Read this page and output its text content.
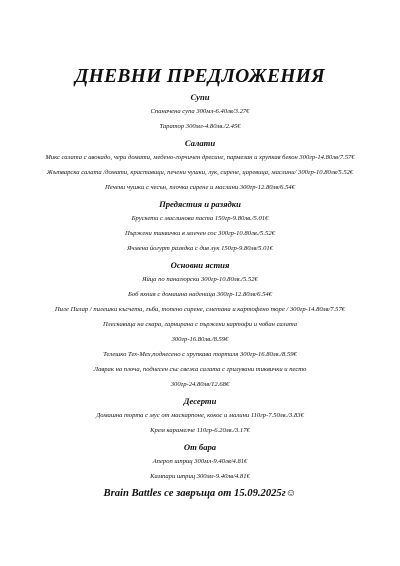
ДНЕВНИ ПРЕДЛОЖЕНИЯ
Супи
Спаначена супа 300мл-6.40лв/3.27€
Таратор 300мл-4.80лв./2.45€
Салати
Микс салата с авокадо, чери домати, медено-горчичен дресинг, пармезан и хрупкав бекон 300гр-14.80лв/7.57€
Жътварска салата /домати, краставици, печени чушки, лук, сирене, царевица, маслини/ 300гр-10.80лв/5.52€
Печени чушки с чесън, плочка сирене и маслини 300гр-12.80лв/6.54€
Предястия и разядки
Брускети с маслинова паста 150гр-9.80лв./5.01€
Пържени тиквички в млечен сос 300гр-10.80лв./5.52€
Ячмена йогурт разядка с див лук 150гр-9.80лв/5.01€
Основни ястия
Яйца по панагюрски 300гр-10.80лв./5.52€
Боб яхния с домашна наденица 300гр-12.80лв/6.54€
Пиле Пилар / пилешки късчета, гъби, топено сирене, сметана и картофено пюре / 300гр-14.80лв/7.57€
Плескавица на скара, гарнирана с пържени картофи и чобан салата
300гр-16.80лв./8.59€
Телешко Тех-Мех,поднесено с хрупкава тортиля 300гр-16.80лв./8.59€
Лаврак на плоча, поднесен със свежа салата с грилувани тиквички и песто
300гр-24.80лв/12.68€
Десерти
Домашна торта с мус от маскарпоне, кокос и малини 110гр-7.50лв./3.83€
Крем карамелче 110гр-6.20лв./3.17€
От бара
Апероп шприц 300мл-9.40лв/4.81€
Кампари шприц 300мл-9.40лв/4.81€
Brain Battles се завръща от 15.09.2025г☺
